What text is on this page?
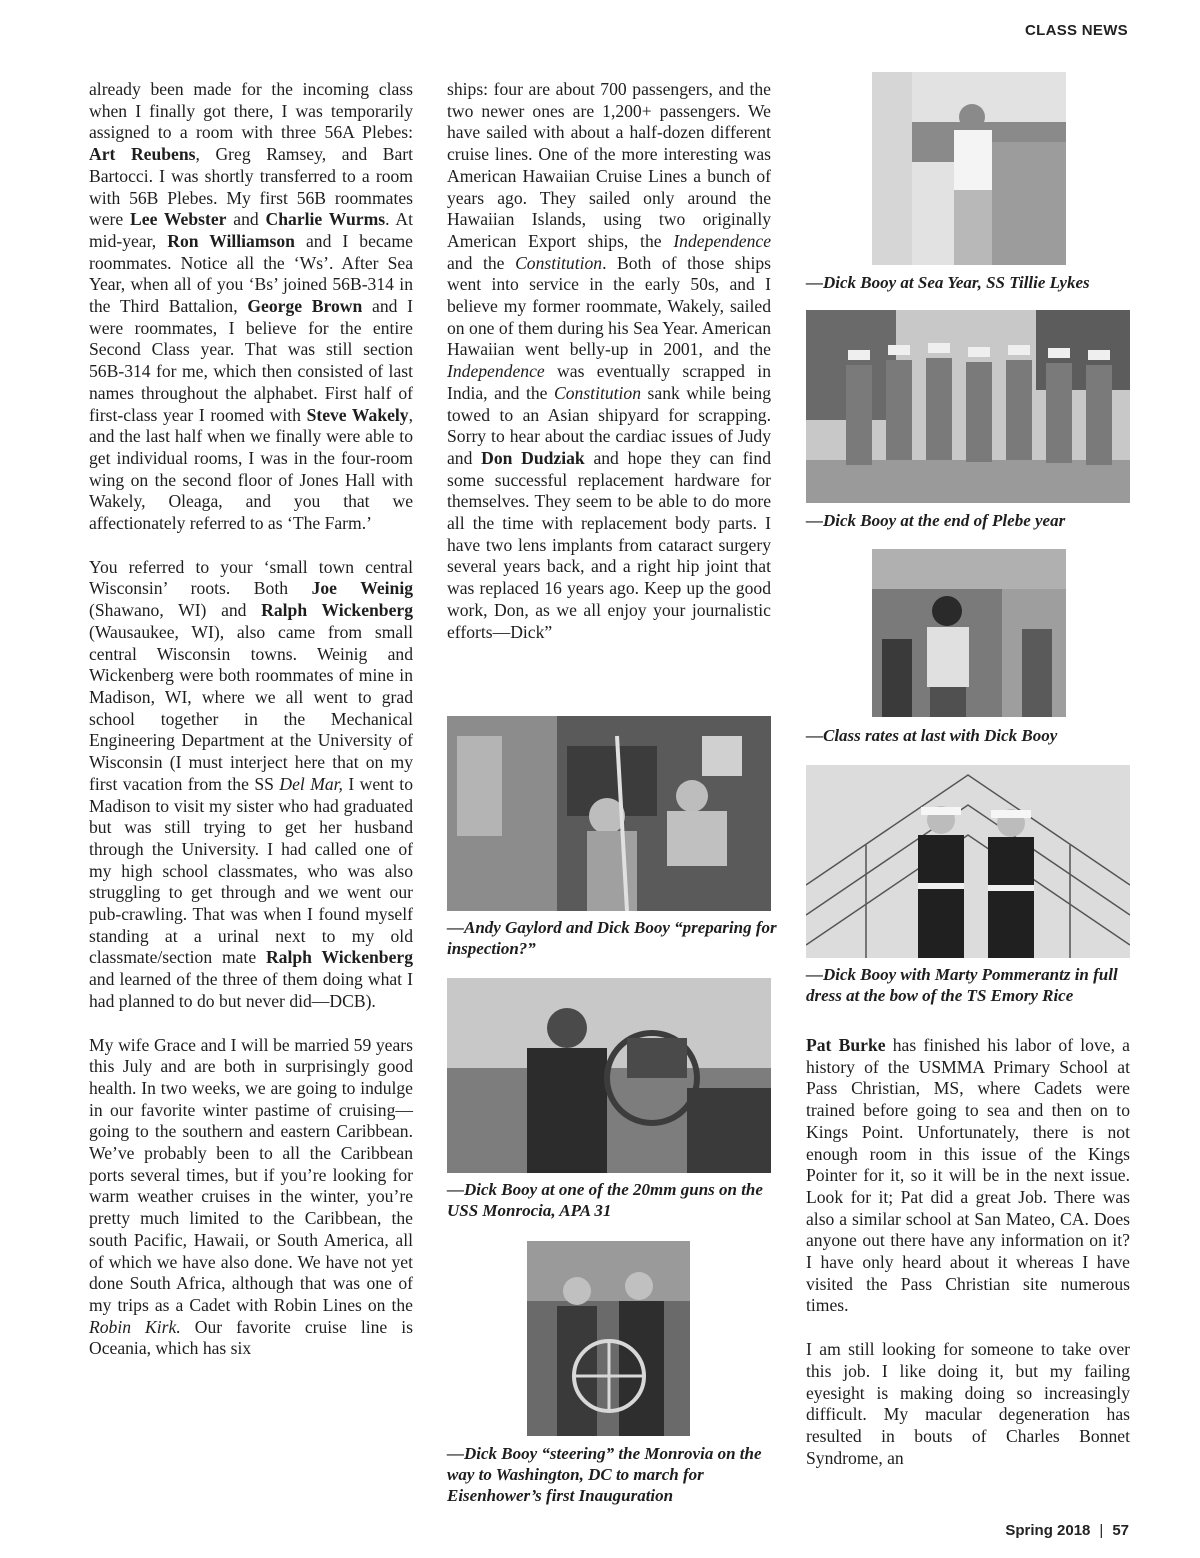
CLASS NEWS

already been made for the incoming class when I finally got there, I was temporarily assigned to a room with three 56A Plebes: Art Reubens, Greg Ramsey, and Bart Bartocci. I was shortly transferred to a room with 56B Plebes. My first 56B roommates were Lee Webster and Charlie Wurms. At mid-year, Ron Williamson and I became roommates. Notice all the ‘Ws’. After Sea Year, when all of you ‘Bs’ joined 56B-314 in the Third Battalion, George Brown and I were roommates, I believe for the entire Second Class year. That was still section 56B-314 for me, which then consisted of last names throughout the alphabet. First half of first-class year I roomed with Steve Wakely, and the last half when we finally were able to get individual rooms, I was in the four-room wing on the second floor of Jones Hall with Wakely, Oleaga, and you that we affectionately referred to as ‘The Farm.’

You referred to your ‘small town central Wisconsin’ roots. Both Joe Weinig (Shawano, WI) and Ralph Wickenberg (Wausaukee, WI), also came from small central Wisconsin towns. Weinig and Wickenberg were both roommates of mine in Madison, WI, where we all went to grad school together in the Mechanical Engineering Department at the University of Wisconsin (I must interject here that on my first vacation from the SS Del Mar, I went to Madison to visit my sister who had graduated but was still trying to get her husband through the University. I had called one of my high school classmates, who was also struggling to get through and we went our pub-crawling. That was when I found myself standing at a urinal next to my old classmate/section mate Ralph Wickenberg and learned of the three of them doing what I had planned to do but never did—DCB).

My wife Grace and I will be married 59 years this July and are both in surprisingly good health. In two weeks, we are going to indulge in our favorite winter pastime of cruising—going to the southern and eastern Caribbean. We’ve probably been to all the Caribbean ports several times, but if you’re looking for warm weather cruises in the winter, you’re pretty much limited to the Caribbean, the south Pacific, Hawaii, or South America, all of which we have also done. We have not yet done South Africa, although that was one of my trips as a Cadet with Robin Lines on the Robin Kirk. Our favorite cruise line is Oceania, which has six

ships: four are about 700 passengers, and the two newer ones are 1,200+ passengers. We have sailed with about a half-dozen different cruise lines. One of the more interesting was American Hawaiian Cruise Lines a bunch of years ago. They sailed only around the Hawaiian Islands, using two originally American Export ships, the Independence and the Constitution. Both of those ships went into service in the early 50s, and I believe my former roommate, Wakely, sailed on one of them during his Sea Year. American Hawaiian went belly-up in 2001, and the Independence was eventually scrapped in India, and the Constitution sank while being towed to an Asian shipyard for scrapping. Sorry to hear about the cardiac issues of Judy and Don Dudziak and hope they can find some successful replacement hardware for themselves. They seem to be able to do more all the time with replacement body parts. I have two lens implants from cataract surgery several years back, and a right hip joint that was replaced 16 years ago. Keep up the good work, Don, as we all enjoy your journalistic efforts—Dick”

—Andy Gaylord and Dick Booy “preparing for inspection?”
—Dick Booy at one of the 20mm guns on the USS Monrocia, APA 31
—Dick Booy “steering” the Monrovia on the way to Washington, DC to march for Eisenhower’s first Inauguration
—Dick Booy at Sea Year, SS Tillie Lykes
—Dick Booy at the end of Plebe year
—Class rates at last with Dick Booy
—Dick Booy with Marty Pommerantz in full dress at the bow of the TS Emory Rice

Pat Burke has finished his labor of love, a history of the USMMA Primary School at Pass Christian, MS, where Cadets were trained before going to sea and then on to Kings Point. Unfortunately, there is not enough room in this issue of the Kings Pointer for it, so it will be in the next issue. Look for it; Pat did a great Job. There was also a similar school at San Mateo, CA. Does anyone out there have any information on it? I have only heard about it whereas I have visited the Pass Christian site numerous times.

I am still looking for someone to take over this job. I like doing it, but my failing eyesight is making doing so increasingly difficult. My macular degeneration has resulted in bouts of Charles Bonnet Syndrome, an

Spring 2018 | 57
